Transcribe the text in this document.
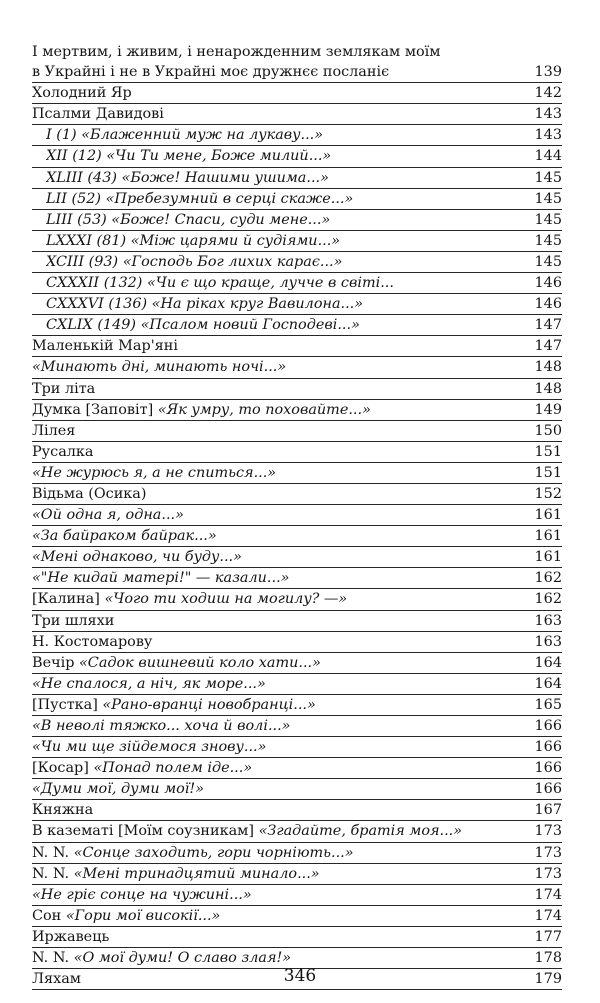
І мертвим, і живим, і ненарожденним землякам моїм
в Украйні і не в Украйні моє дружнєє посланіє	139
Холодний Яр	142
Псалми Давидові	143
І (1) «Блаженний муж на лукаву...»	143
ХІІ (12) «Чи Ти мене, Боже милий...»	144
XLIII (43) «Боже! Нашими ушима...»	145
LII (52) «Пребезумний в серці скаже...»	145
LIII (53) «Боже! Спаси, суди мене...»	145
LXXXI (81) «Між царями й судіями...»	145
XCIII (93) «Господь Бог лихих карає...»	145
CXXXII (132) «Чи є що краще, лучче в світі...	146
CXXXVI (136) «На ріках круг Вавилона...»	146
CXLIX (149) «Псалом новий Господеві...»	147
Маленькій Мар'яні	147
«Минають дні, минають ночі...»	148
Три літа	148
Думка [Заповіт] «Як умру, то поховайте...»	149
Лілея	150
Русалка	151
«Не журюсь я, а не спиться...»	151
Відьма (Осика)	152
«Ой одна я, одна...»	161
«За байраком байрак...»	161
«Мені однаково, чи буду...»	161
«"Не кидай матері!" — казали...»	162
[Калина] «Чого ти ходиш на могилу? —»	162
Три шляхи	163
Н. Костомарову	163
Вечір «Садок вишневий коло хати...»	164
«Не спалося, а ніч, як море...»	164
[Пустка] «Рано-вранці новобранці...»	165
«В неволі тяжко... хоча й волі...»	166
«Чи ми ще зійдемося знову...»	166
[Косар] «Понад полем іде...»	166
«Думи мої, думи мої!»	166
Княжна	167
В казематі [Моїм соузникам] «Згадайте, братія моя...»	173
N. N. «Сонце заходить, гори чорніють...»	173
N. N. «Мені тринадцятий минало...»	173
«Не гріє сонце на чужині...»	174
Сон «Гори мої високії...»	174
Иржавець	177
N. N. «О мої думи! О славо злая!»	178
Ляхам	179
346
